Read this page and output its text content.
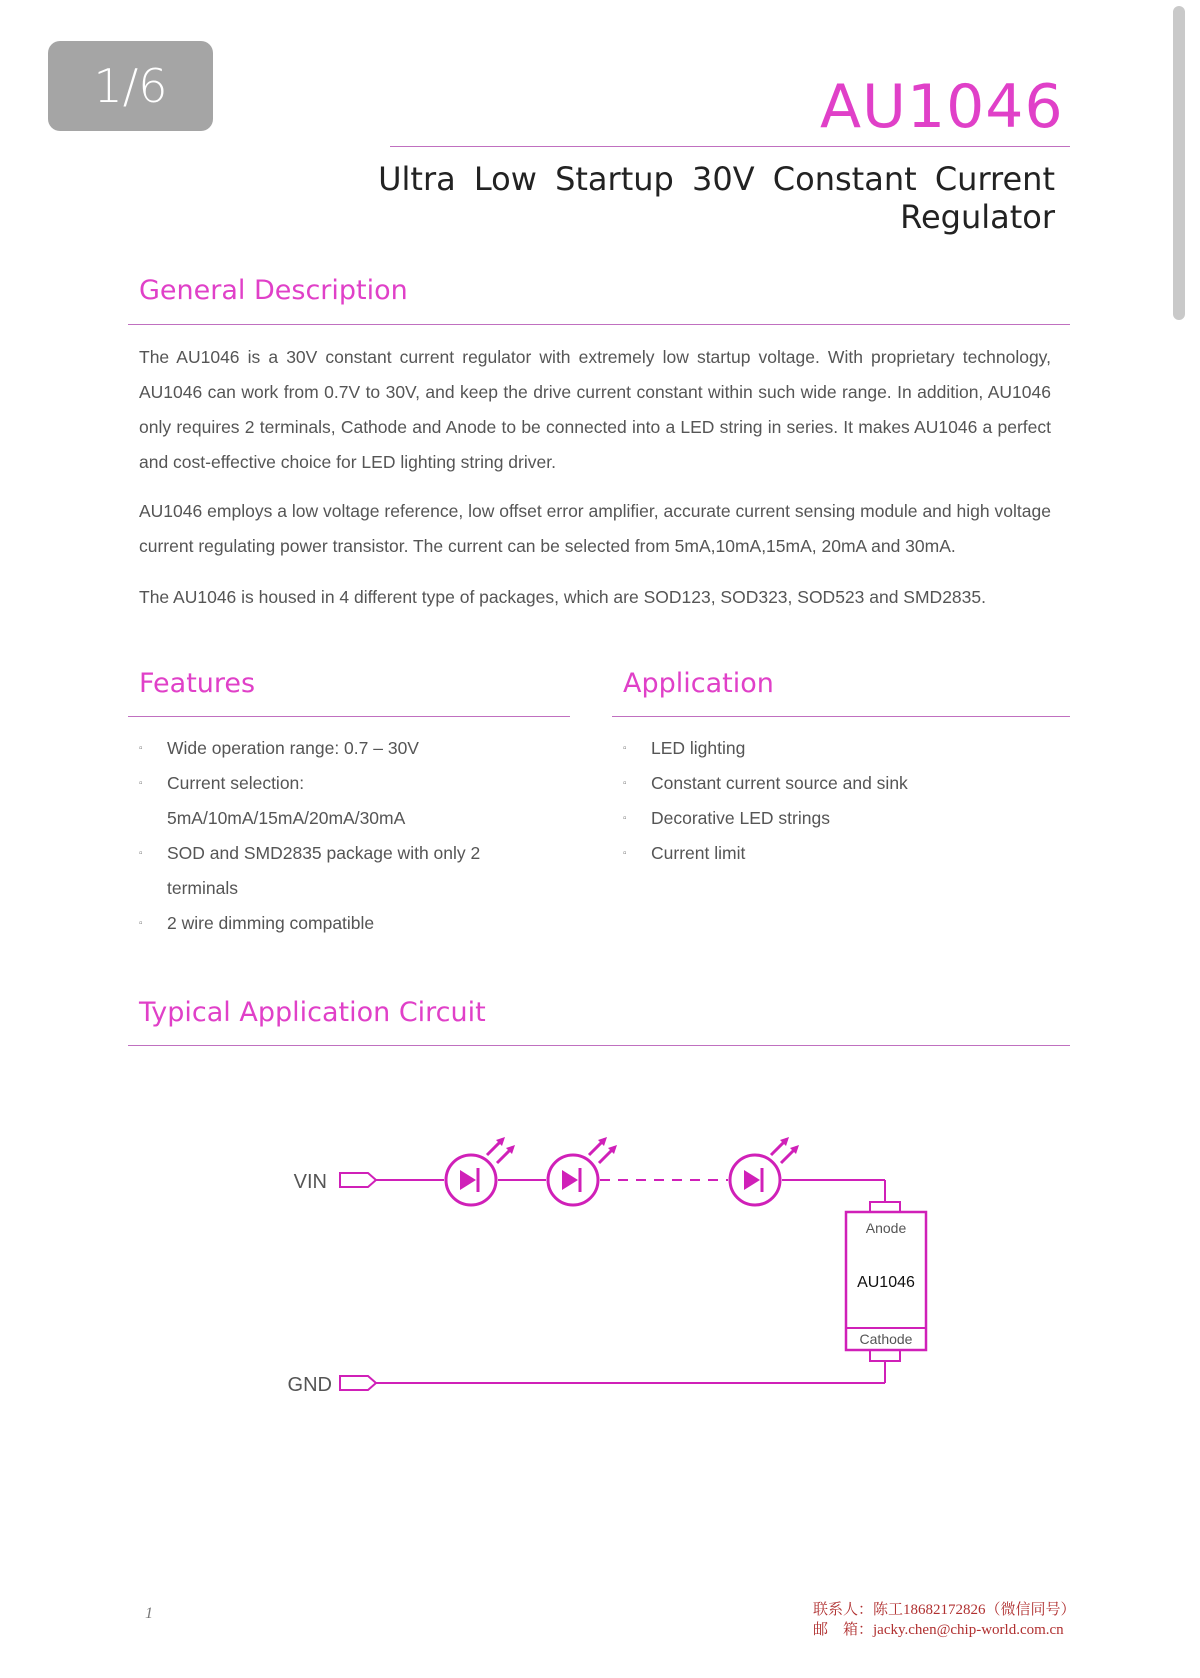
1/6	AU1046
Ultra Low Startup 30V Constant Current Regulator
General Description

The AU1046 is a 30V constant current regulator with extremely low startup voltage. With proprietary technology, AU1046 can work from 0.7V to 30V, and keep the drive current constant within such wide range. In addition, AU1046 only requires 2 terminals, Cathode and Anode to be connected into a LED string in series. It makes AU1046 a perfect and cost-effective choice for LED lighting string driver.

AU1046 employs a low voltage reference, low offset error amplifier, accurate current sensing module and high voltage current regulating power transistor. The current can be selected from 5mA,10mA,15mA, 20mA and 30mA.

The AU1046 is housed in 4 different type of packages, which are SOD123, SOD323, SOD523 and SMD2835.

Features
▫ Wide operation range: 0.7 – 30V
▫ Current selection: 5mA/10mA/15mA/20mA/30mA
▫ SOD and SMD2835 package with only 2 terminals
▫ 2 wire dimming compatible
Application
▫ LED lighting
▫ Constant current source and sink
▫ Decorative LED strings
▫ Current limit
Typical Application Circuit
VIN
GND
Anode
AU1046
Cathode
1	联系人：陈工18682172826（微信同号）
邮　箱：jacky.chen@chip-world.com.cn
